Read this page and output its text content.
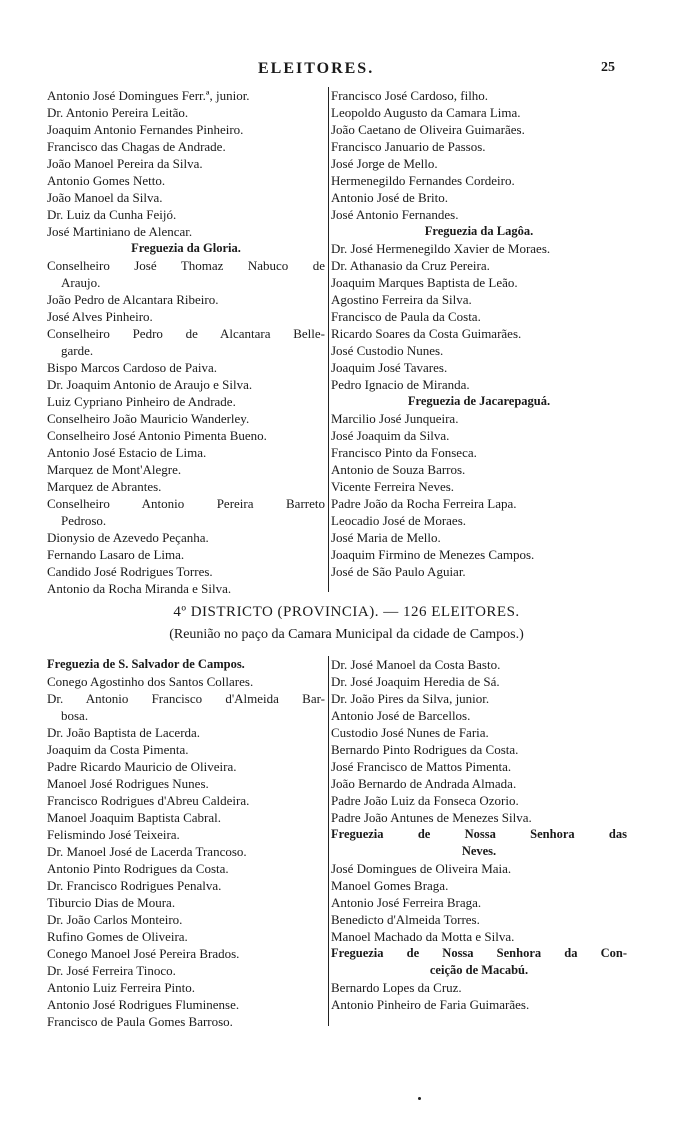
ELEITORES.	25
Antonio José Domingues Ferr.ª, junior.
Dr. Antonio Pereira Leitão.
Joaquim Antonio Fernandes Pinheiro.
Francisco das Chagas de Andrade.
João Manoel Pereira da Silva.
Antonio Gomes Netto.
João Manoel da Silva.
Dr. Luiz da Cunha Feijó.
José Martiniano de Alencar.
Freguezia da Gloria.
Conselheiro José Thomaz Nabuco de
Araujo.
João Pedro de Alcantara Ribeiro.
José Alves Pinheiro.
Conselheiro Pedro de Alcantara Belle-
garde.
Bispo Marcos Cardoso de Paiva.
Dr. Joaquim Antonio de Araujo e Silva.
Luiz Cypriano Pinheiro de Andrade.
Conselheiro João Mauricio Wanderley.
Conselheiro José Antonio Pimenta Bueno.
Antonio José Estacio de Lima.
Marquez de Mont'Alegre.
Marquez de Abrantes.
Conselheiro Antonio Pereira Barreto
Pedroso.
Dionysio de Azevedo Peçanha.
Fernando Lasaro de Lima.
Candido José Rodrigues Torres.
Antonio da Rocha Miranda e Silva.
Francisco José Cardoso, filho.
Leopoldo Augusto da Camara Lima.
João Caetano de Oliveira Guimarães.
Francisco Januario de Passos.
José Jorge de Mello.
Hermenegildo Fernandes Cordeiro.
Antonio José de Brito.
José Antonio Fernandes.
Freguezia da Lagôa.
Dr. José Hermenegildo Xavier de Moraes.
Dr. Athanasio da Cruz Pereira.
Joaquim Marques Baptista de Leão.
Agostino Ferreira da Silva.
Francisco de Paula da Costa.
Ricardo Soares da Costa Guimarães.
José Custodio Nunes.
Joaquim José Tavares.
Pedro Ignacio de Miranda.
Freguezia de Jacarepaguá.
Marcilio José Junqueira.
José Joaquim da Silva.
Francisco Pinto da Fonseca.
Antonio de Souza Barros.
Vicente Ferreira Neves.
Padre João da Rocha Ferreira Lapa.
Leocadio José de Moraes.
José Maria de Mello.
Joaquim Firmino de Menezes Campos.
José de São Paulo Aguiar.
4º DISTRICTO (PROVINCIA). — 126 ELEITORES.
(Reunião no paço da Camara Municipal da cidade de Campos.)
Freguezia de S. Salvador de Campos.
Conego Agostinho dos Santos Collares.
Dr. Antonio Francisco d'Almeida Bar-
bosa.
Dr. João Baptista de Lacerda.
Joaquim da Costa Pimenta.
Padre Ricardo Mauricio de Oliveira.
Manoel José Rodrigues Nunes.
Francisco Rodrigues d'Abreu Caldeira.
Manoel Joaquim Baptista Cabral.
Felismindo José Teixeira.
Dr. Manoel José de Lacerda Trancoso.
Antonio Pinto Rodrigues da Costa.
Dr. Francisco Rodrigues Penalva.
Tiburcio Dias de Moura.
Dr. João Carlos Monteiro.
Rufino Gomes de Oliveira.
Conego Manoel José Pereira Brados.
Dr. José Ferreira Tinoco.
Antonio Luiz Ferreira Pinto.
Antonio José Rodrigues Fluminense.
Francisco de Paula Gomes Barroso.
Dr. José Manoel da Costa Basto.
Dr. José Joaquim Heredia de Sá.
Dr. João Pires da Silva, junior.
Antonio José de Barcellos.
Custodio José Nunes de Faria.
Bernardo Pinto Rodrigues da Costa.
José Francisco de Mattos Pimenta.
João Bernardo de Andrada Almada.
Padre João Luiz da Fonseca Ozorio.
Padre João Antunes de Menezes Silva.
Freguezia de Nossa Senhora das
Neves.
José Domingues de Oliveira Maia.
Manoel Gomes Braga.
Antonio José Ferreira Braga.
Benedicto d'Almeida Torres.
Manoel Machado da Motta e Silva.
Freguezia de Nossa Senhora da Con-
ceição de Macabú.
Bernardo Lopes da Cruz.
Antonio Pinheiro de Faria Guimarães.
